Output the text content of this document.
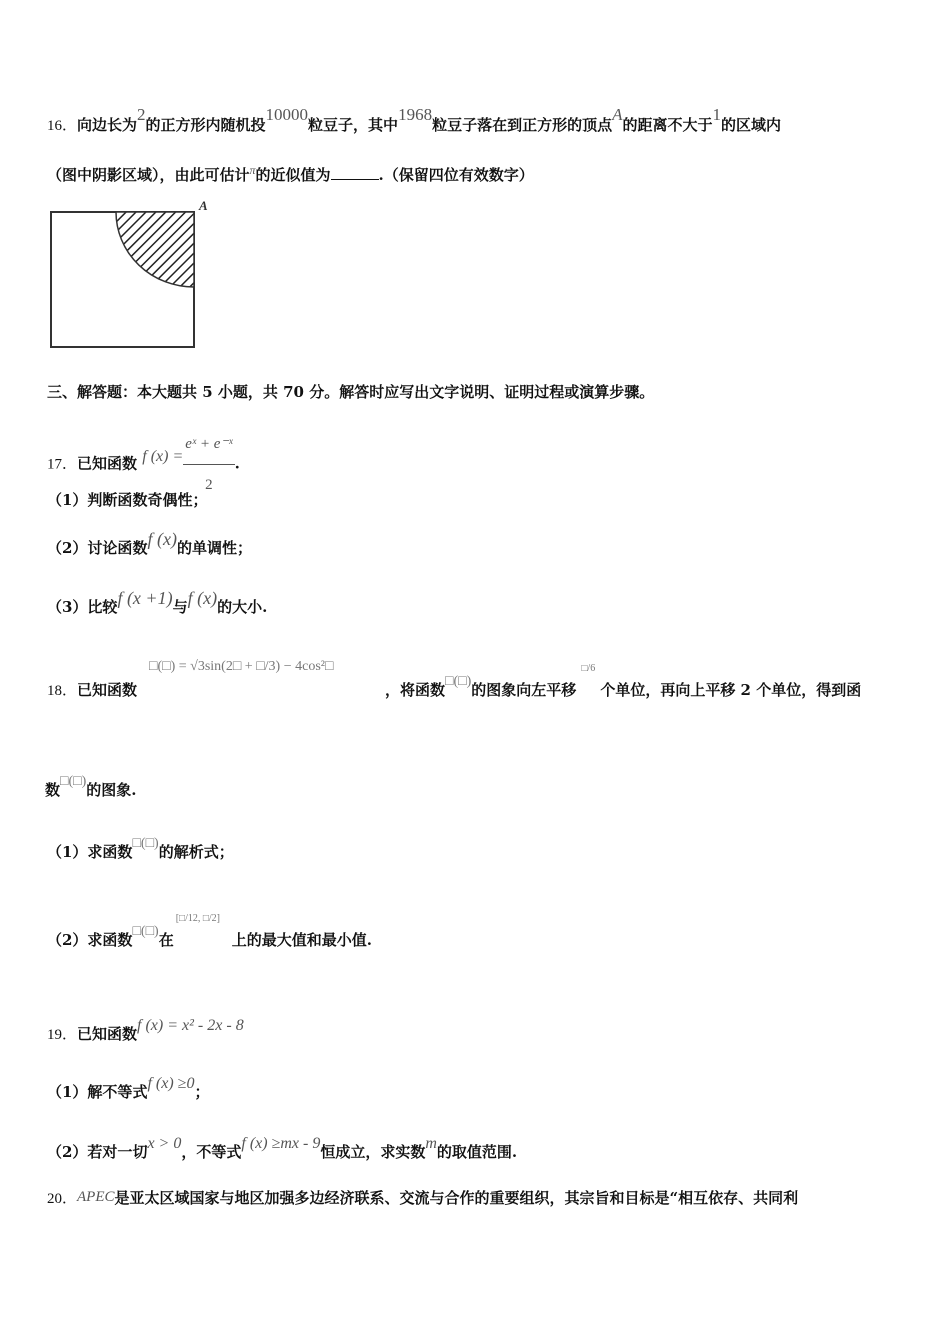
16．向边长为2的正方形内随机投10000粒豆子，其中1968粒豆子落在到正方形的顶点A的距离不大于1的区域内
（图中阴影区域），由此可估计$^\pi$的近似值为	.（保留四位有效数字）
A
三、解答题：本大题共 5 小题，共 70 分。解答时应写出文字说明、证明过程或演算步骤。
17．已知函数 f $(x) = \frac{\text{eˣ + e⁻ˣ}}{2}$ .
（1）判断函数奇偶性；
（2）讨论函数f (x)的单调性；
（3）比较f (x +1)与f (x)的大小.
18．已知函数□(□) = √3sin(2□ + □/3) − 4cos²□，将函数□(□)的图象向左平移□/6个单位，再向上平移 2 个单位，得到函
数□(□)的图象.
（1）求函数□(□)的解析式；
（2）求函数□(□)在[□/12, □/2]上的最大值和最小值.
19．已知函数f (x) = x² - 2x - 8
（1）解不等式f (x) ≥0；
（2）若对一切x > 0，不等式f (x) ≥mx - 9恒成立，求实数m的取值范围.
20．APEC是亚太区域国家与地区加强多边经济联系、交流与合作的重要组织，其宗旨和目标是“相互依存、共同利
